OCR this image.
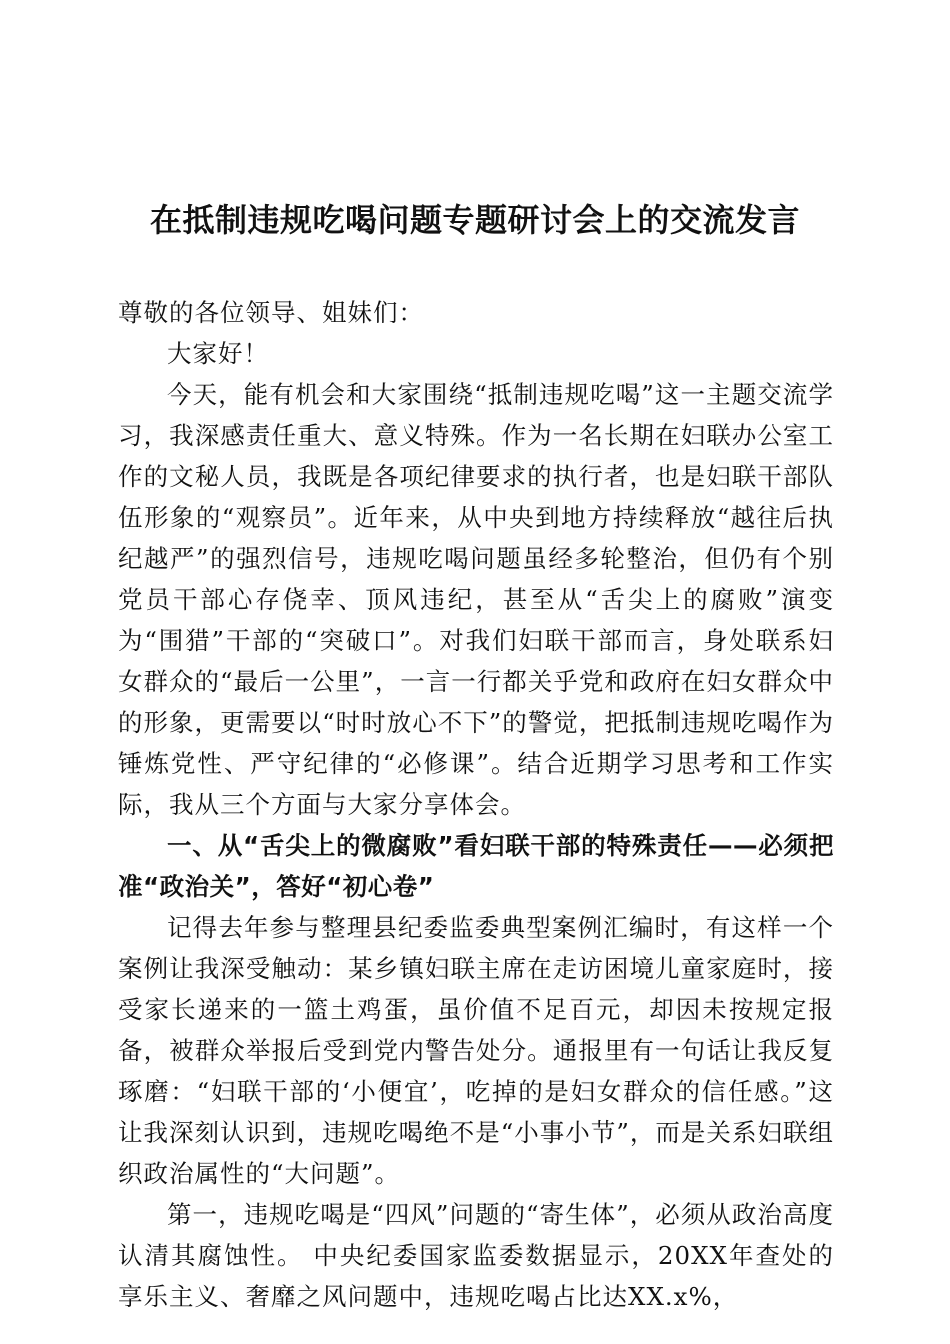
在抵制违规吃喝问题专题研讨会上的交流发言

尊敬的各位领导、姐妹们：

大家好！

今天，能有机会和大家围绕“抵制违规吃喝”这一主题交流学习，我深感责任重大、意义特殊。作为一名长期在妇联办公室工作的文秘人员，我既是各项纪律要求的执行者，也是妇联干部队伍形象的“观察员”。近年来，从中央到地方持续释放“越往后执纪越严”的强烈信号，违规吃喝问题虽经多轮整治，但仍有个别党员干部心存侥幸、顶风违纪，甚至从“舌尖上的腐败”演变为“围猎”干部的“突破口”。对我们妇联干部而言，身处联系妇女群众的“最后一公里”，一言一行都关乎党和政府在妇女群众中的形象，更需要以“时时放心不下”的警觉，把抵制违规吃喝作为锤炼党性、严守纪律的“必修课”。结合近期学习思考和工作实际，我从三个方面与大家分享体会。

一、从“舌尖上的微腐败”看妇联干部的特殊责任——必须把准“政治关”，答好“初心卷”

记得去年参与整理县纪委监委典型案例汇编时，有这样一个案例让我深受触动：某乡镇妇联主席在走访困境儿童家庭时，接受家长递来的一篮土鸡蛋，虽价值不足百元，却因未按规定报备，被群众举报后受到党内警告处分。通报里有一句话让我反复琢磨：“妇联干部的‘小便宜’，吃掉的是妇女群众的信任感。”这让我深刻认识到，违规吃喝绝不是“小事小节”，而是关系妇联组织政治属性的“大问题”。

第一，违规吃喝是“四风”问题的“寄生体”，必须从政治高度认清其腐蚀性。 中央纪委国家监委数据显示，20XX年查处的享乐主义、奢靡之风问题中，违规吃喝占比达XX.x%，
